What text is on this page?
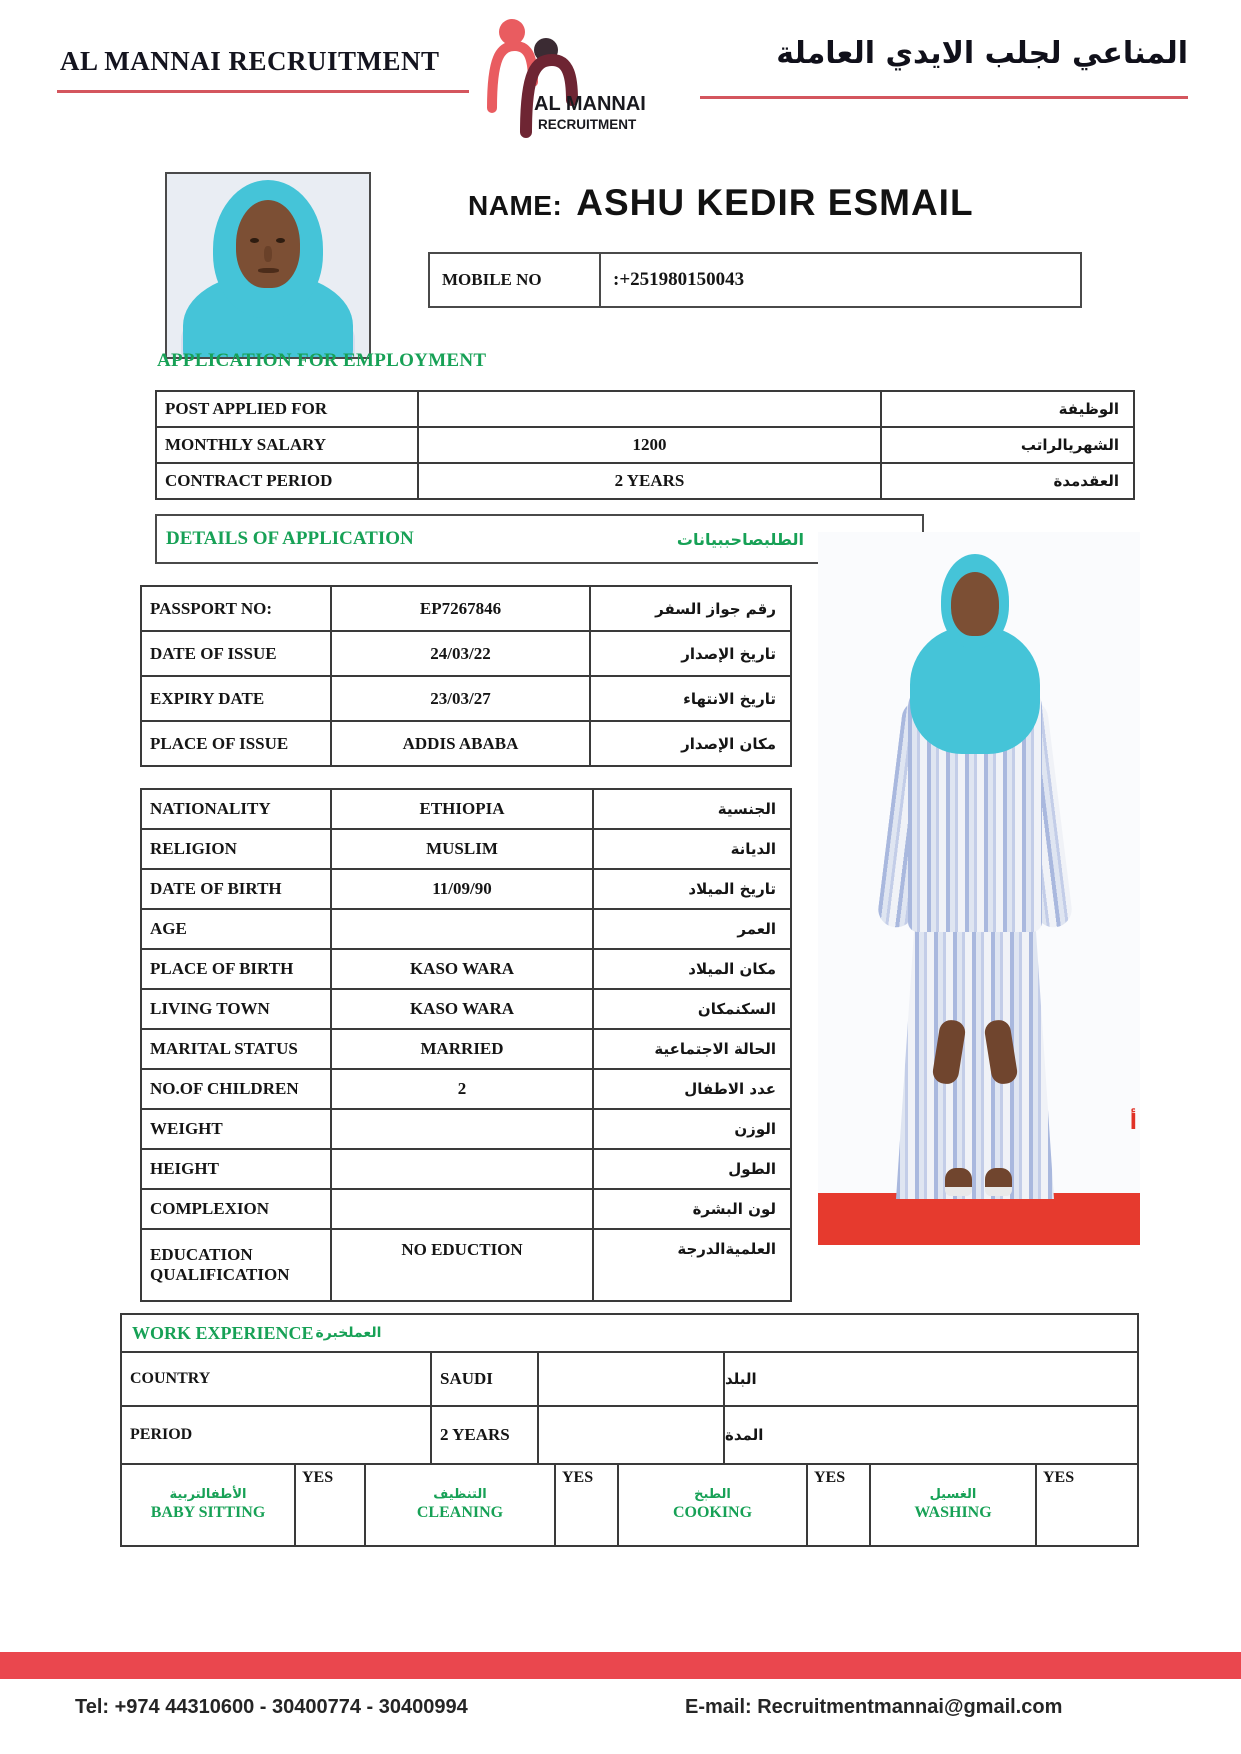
AL MANNAI RECRUITMENT	المناعي لجلب الايدي العاملة
AL MANNAI
RECRUITMENT
NAME: ASHU KEDIR ESMAIL
MOBILE NO	:+251980150043
APPLICATION FOR EMPLOYMENT
POST APPLIED FOR		الوظيفة
MONTHLY SALARY	1200	الشهريالراتب
CONTRACT PERIOD	2 YEARS	العقدمدة
DETAILS OF APPLICATION	الطلبصاحببيانات
PASSPORT NO:	EP7267846	رقم جواز السفر
DATE OF ISSUE	24/03/22	تاريخ الإصدار
EXPIRY DATE	23/03/27	تاريخ الانتهاء
PLACE OF ISSUE	ADDIS ABABA	مكان الإصدار
NATIONALITY	ETHIOPIA	الجنسية
RELIGION	MUSLIM	الديانة
DATE OF BIRTH	11/09/90	تاريخ الميلاد
AGE		العمر
PLACE OF BIRTH	KASO WARA	مكان الميلاد
LIVING TOWN	KASO WARA	السكنمكان
MARITAL STATUS	MARRIED	الحالة الاجتماعية
NO.OF CHILDREN	2	عدد الاطفال
WEIGHT		الوزن
HEIGHT		الطول
COMPLEXION		لون البشرة
EDUCATION QUALIFICATION	NO EDUCTION	العلميةالدرجة
أ
WORK EXPERIENCE العملخبرة
COUNTRY	SAUDI	البلد
PERIOD	2 YEARS	المدة
الأطفالتربية
BABY SITTING
YES
التنظيف
CLEANING
YES
الطبخ
COOKING
YES
الغسيل
WASHING
YES
Tel: +974 44310600 - 30400774 - 30400994	E-mail: Recruitmentmannai@gmail.com
